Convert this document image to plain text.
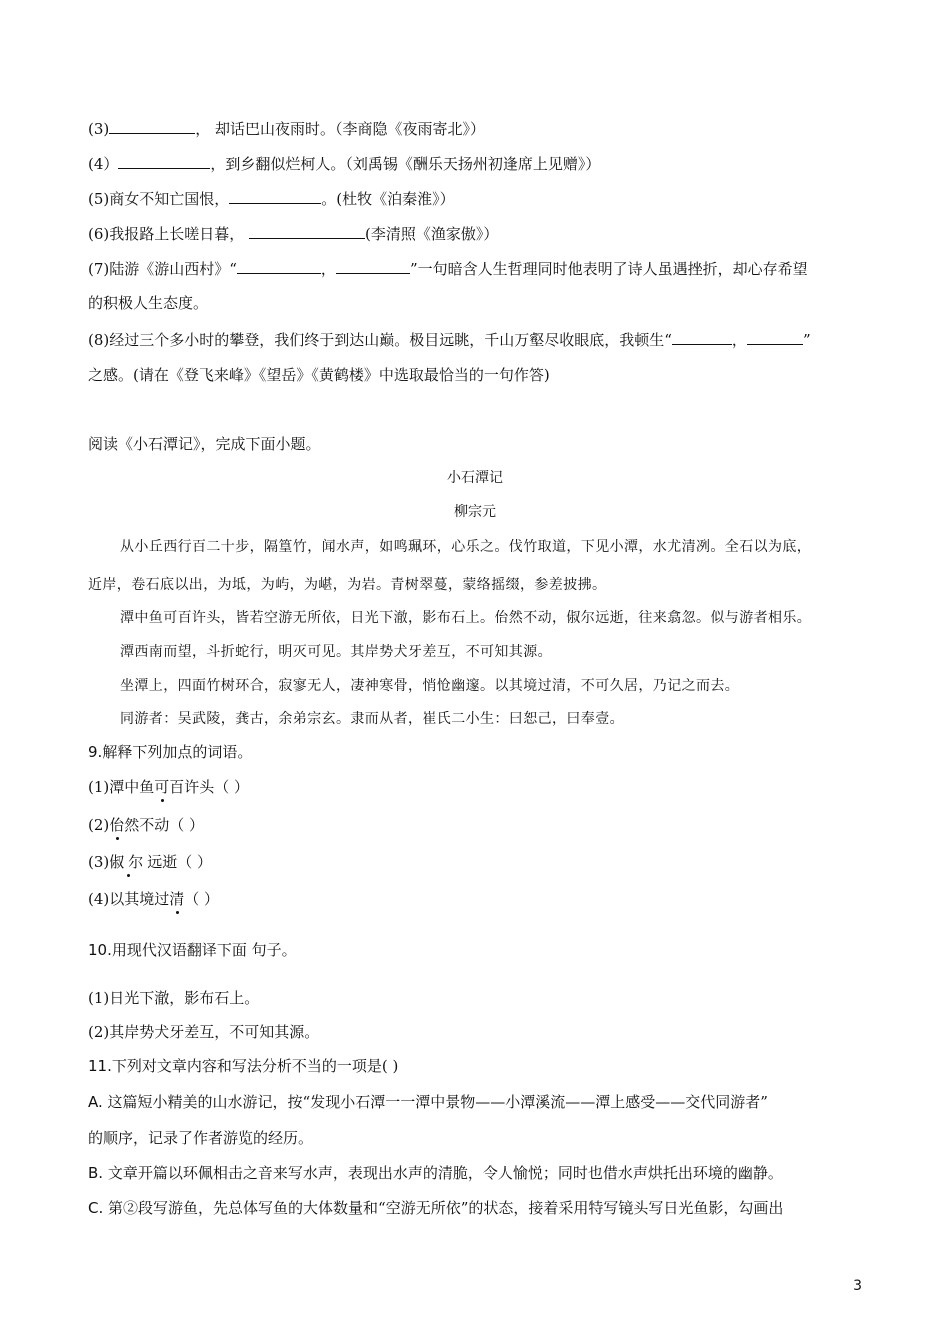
(3)	， 却话巴山夜雨时。（李商隐《夜雨寄北》）
(4）	，到乡翻似烂柯人。（刘禹锡《酬乐天扬州初逢席上见赠》）
(5)商女不知亡国恨，	。(杜牧《泊秦淮》）
(6)我报路上长嗟日暮，	(李清照《渔家傲》）
(7)陆游《游山西村》“	，	”一句暗含人生哲理同时他表明了诗人虽遇挫折，却心存希望
的积极人生态度。
(8)经过三个多小时的攀登，我们终于到达山巅。极目远眺，千山万壑尽收眼底，我顿生“	，	”
之感。(请在《登飞来峰》《望岳》《黄鹤楼》中选取最恰当的一句作答)
阅读《小石潭记》，完成下面小题。
小石潭记
柳宗元
从小丘西行百二十步，隔篁竹，闻水声，如鸣珮环，心乐之。伐竹取道，下见小潭，水尤清冽。全石以为底，
近岸，卷石底以出，为坻，为屿，为嵁，为岩。青树翠蔓，蒙络摇缀，参差披拂。
潭中鱼可百许头，皆若空游无所依，日光下澈，影布石上。佁然不动，俶尔远逝，往来翕忽。似与游者相乐。
潭西南而望，斗折蛇行，明灭可见。其岸势犬牙差互，不可知其源。
坐潭上，四面竹树环合，寂寥无人，凄神寒骨，悄怆幽邃。以其境过清，不可久居，乃记之而去。
同游者：吴武陵，龚古，余弟宗玄。隶而从者，崔氏二小生：曰恕己，曰奉壹。
9.解释下列加点的词语。
(1)潭中鱼可百许头（ ）
(2)佁然不动（ ）
(3)俶尔远逝（ ）
(4)以其境过清（ ）
10.用现代汉语翻译下面 句子。
(1)日光下澈，影布石上。
(2)其岸势犬牙差互，不可知其源。
11.下列对文章内容和写法分析不当的一项是( )
A. 这篇短小精美的山水游记，按“发现小石潭一一潭中景物——小潭溪流——潭上感受——交代同游者”
的顺序，记录了作者游览的经历。
B. 文章开篇以环佩相击之音来写水声，表现出水声的清脆，令人愉悦；同时也借水声烘托出环境的幽静。
C. 第②段写游鱼，先总体写鱼的大体数量和“空游无所依”的状态，接着采用特写镜头写日光鱼影，勾画出
3
